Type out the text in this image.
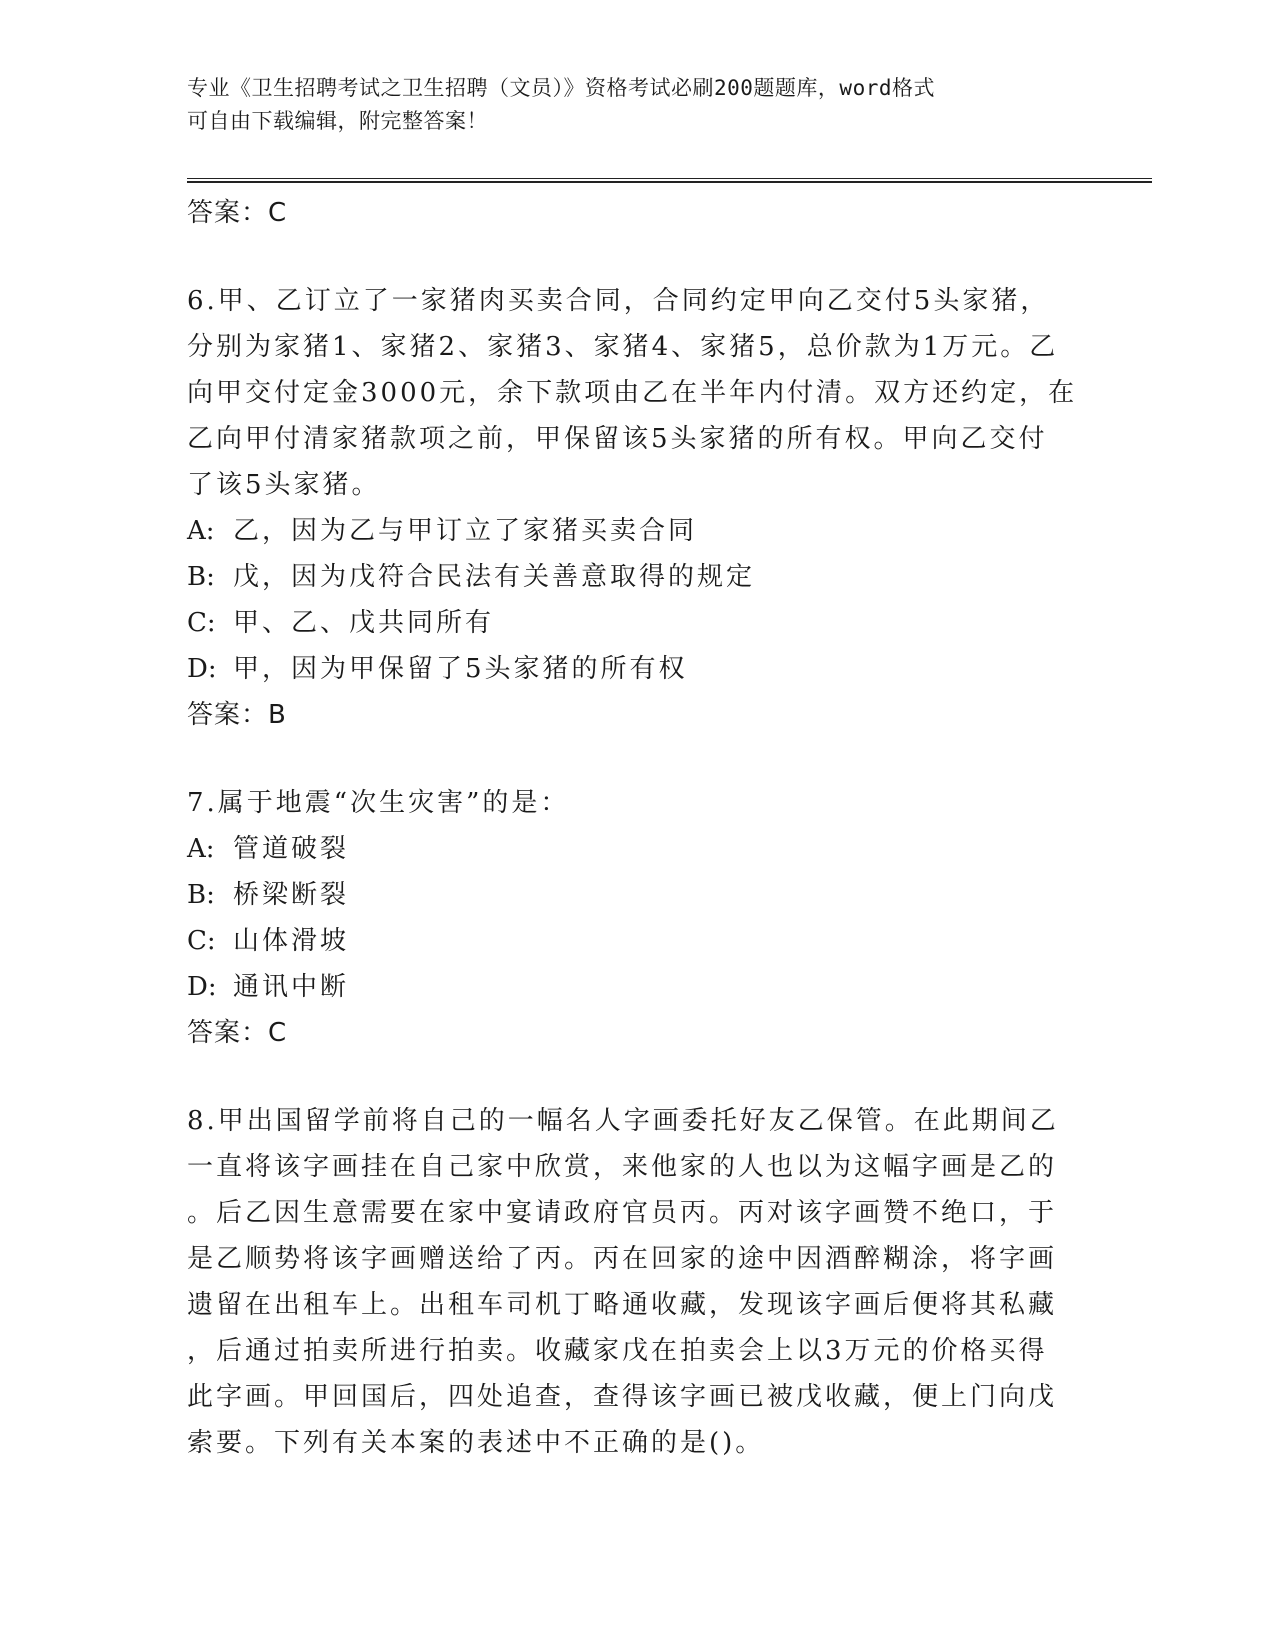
专业《卫生招聘考试之卫生招聘（文员）》资格考试必刷200题题库，word格式
可自由下载编辑，附完整答案！
答案：C
6.甲、乙订立了一家猪肉买卖合同，合同约定甲向乙交付5头家猪，
分别为家猪1、家猪2、家猪3、家猪4、家猪5，总价款为1万元。乙
向甲交付定金3000元，余下款项由乙在半年内付清。双方还约定，在
乙向甲付清家猪款项之前，甲保留该5头家猪的所有权。甲向乙交付
了该5头家猪。
A: 乙，因为乙与甲订立了家猪买卖合同
B: 戊，因为戊符合民法有关善意取得的规定
C: 甲、乙、戊共同所有
D: 甲，因为甲保留了5头家猪的所有权
答案：B
7.属于地震“次生灾害”的是：
A: 管道破裂
B: 桥梁断裂
C: 山体滑坡
D: 通讯中断
答案：C
8.甲出国留学前将自己的一幅名人字画委托好友乙保管。在此期间乙
一直将该字画挂在自己家中欣赏，来他家的人也以为这幅字画是乙的
。后乙因生意需要在家中宴请政府官员丙。丙对该字画赞不绝口，于
是乙顺势将该字画赠送给了丙。丙在回家的途中因酒醉糊涂，将字画
遗留在出租车上。出租车司机丁略通收藏，发现该字画后便将其私藏
，后通过拍卖所进行拍卖。收藏家戊在拍卖会上以3万元的价格买得
此字画。甲回国后，四处追查，查得该字画已被戊收藏，便上门向戊
索要。下列有关本案的表述中不正确的是()。
